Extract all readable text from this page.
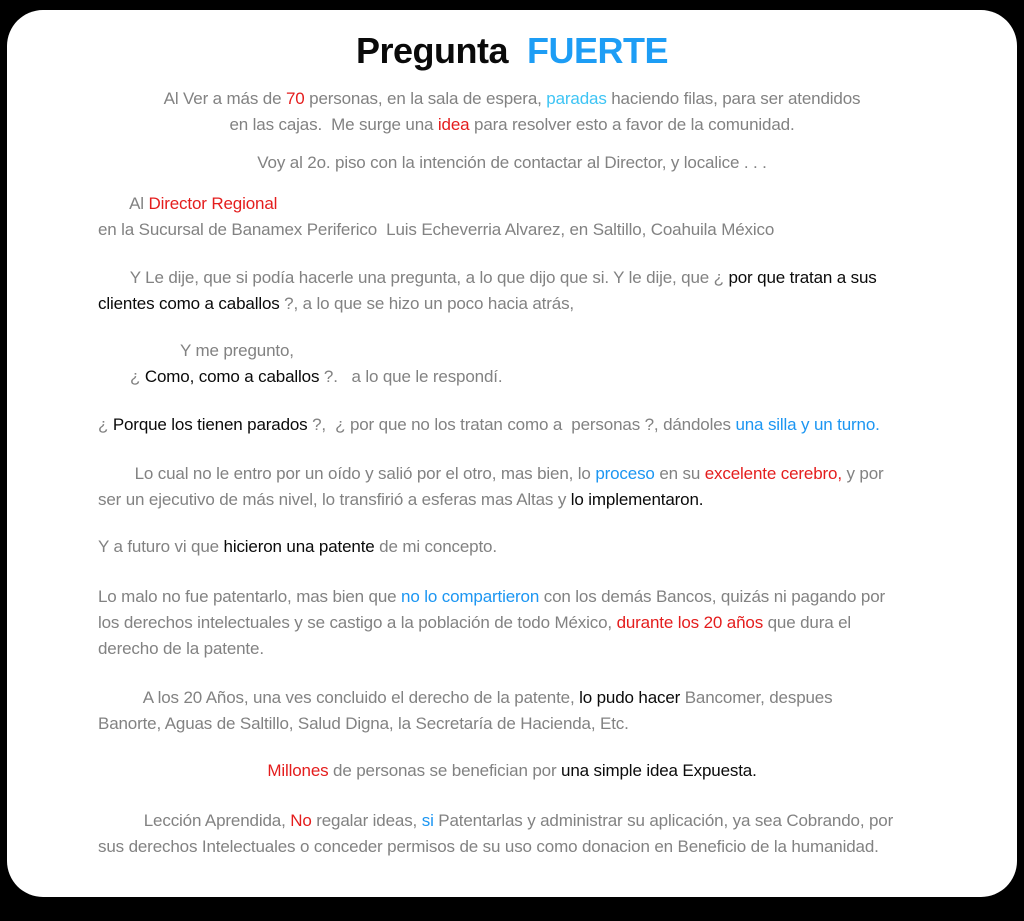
Pregunta  FUERTE

Al Ver a más de 70 personas, en la sala de espera, paradas haciendo filas, para ser atendidos
en las cajas.  Me surge una idea para resolver esto a favor de la comunidad.

Voy al 2o. piso con la intención de contactar al Director, y localice . . .

Al Director Regional
en la Sucursal de Banamex Periferico  Luis Echeverria Alvarez, en Saltillo, Coahuila México

Y Le dije, que si podía hacerle una pregunta, a lo que dijo que si. Y le dije, que ¿ por que tratan a sus
clientes como a caballos ?, a lo que se hizo un poco hacia atrás,

Y me pregunto,
¿ Como, como a caballos ?.   a lo que le respondí.

¿ Porque los tienen parados ?,  ¿ por que no los tratan como a  personas ?, dándoles una silla y un turno.

Lo cual no le entro por un oído y salió por el otro, mas bien, lo proceso en su excelente cerebro, y por
ser un ejecutivo de más nivel, lo transfirió a esferas mas Altas y lo implementaron.

Y a futuro vi que hicieron una patente de mi concepto.

Lo malo no fue patentarlo, mas bien que no lo compartieron con los demás Bancos, quizás ni pagando por
los derechos intelectuales y se castigo a la población de todo México, durante los 20 años que dura el
derecho de la patente.

A los 20 Años, una ves concluido el derecho de la patente, lo pudo hacer Bancomer, despues
Banorte, Aguas de Saltillo, Salud Digna, la Secretaría de Hacienda, Etc.

Millones de personas se benefician por una simple idea Expuesta.

Lección Aprendida, No regalar ideas, si Patentarlas y administrar su aplicación, ya sea Cobrando, por
sus derechos Intelectuales o conceder permisos de su uso como donacion en Beneficio de la humanidad.
